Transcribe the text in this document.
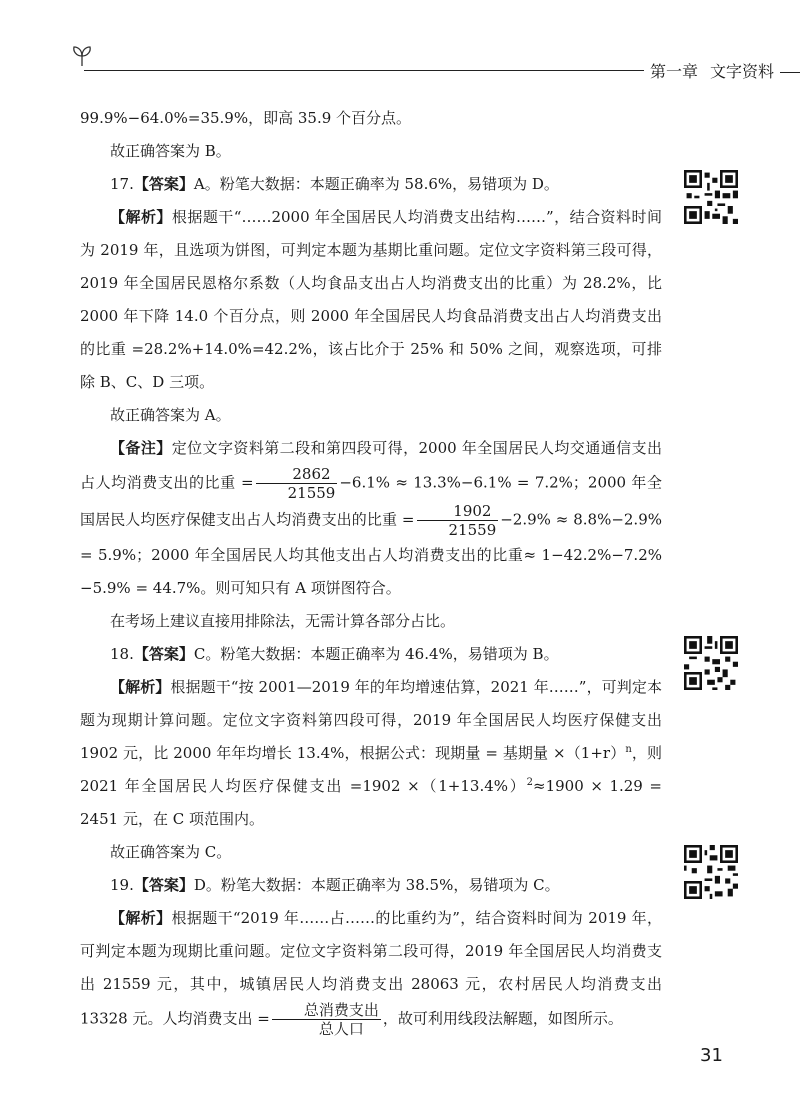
第一章 文字资料

99.9%−64.0%=35.9%，即高 35.9 个百分点。

故正确答案为 B。

17.【答案】A。粉笔大数据：本题正确率为 58.6%，易错项为 D。

【解析】根据题干“……2000 年全国居民人均消费支出结构……”，结合资料时间为 2019 年，且选项为饼图，可判定本题为基期比重问题。定位文字资料第三段可得，2019 年全国居民恩格尔系数（人均食品支出占人均消费支出的比重）为 28.2%，比 2000 年下降 14.0 个百分点，则 2000 年全国居民人均食品消费支出占人均消费支出的比重 =28.2%+14.0%=42.2%，该占比介于 25% 和 50% 之间，观察选项，可排除 B、C、D 三项。

故正确答案为 A。

【备注】定位文字资料第二段和第四段可得，2000 年全国居民人均交通通信支出占人均消费支出的比重 = $\frac{2862}{21559} -6.1\% \approx 13.3\%-6.1\% = 7.2\%$；2000 年全国居民人均医疗保健支出占人均消费支出的比重 = $\frac{1902}{21559} -2.9\% \approx 8.8\%-2.9\% = 5.9\%$；2000 年全国居民人均其他支出占人均消费支出的比重≈ 1−42.2%−7.2%−5.9% = 44.7%。则可知只有 A 项饼图符合。

在考场上建议直接用排除法，无需计算各部分占比。

18.【答案】C。粉笔大数据：本题正确率为 46.4%，易错项为 B。

【解析】根据题干“按 2001—2019 年的年均增速估算，2021 年……”，可判定本题为现期计算问题。定位文字资料第四段可得，2019 年全国居民人均医疗保健支出 1902 元，比 2000 年年均增长 13.4%，根据公式：现期量 = 基期量 $\times(1+r)^n$，则 2021 年全国居民人均医疗保健支出 $=1902 \times(1+13.4\%)^2\approx 1900 \times 1.29 = 2451$ 元，在 C 项范围内。

故正确答案为 C。

19.【答案】D。粉笔大数据：本题正确率为 38.5%，易错项为 C。

【解析】根据题干“2019 年……占……的比重约为”，结合资料时间为 2019 年，可判定本题为现期比重问题。定位文字资料第二段可得，2019 年全国居民人均消费支出 21559 元，其中，城镇居民人均消费支出 28063 元，农村居民人均消费支出 13328 元。人均消费支出 = $\frac{\text{总消费支出}}{\text{总人口}}$ ，故可利用线段法解题，如图所示。

31
